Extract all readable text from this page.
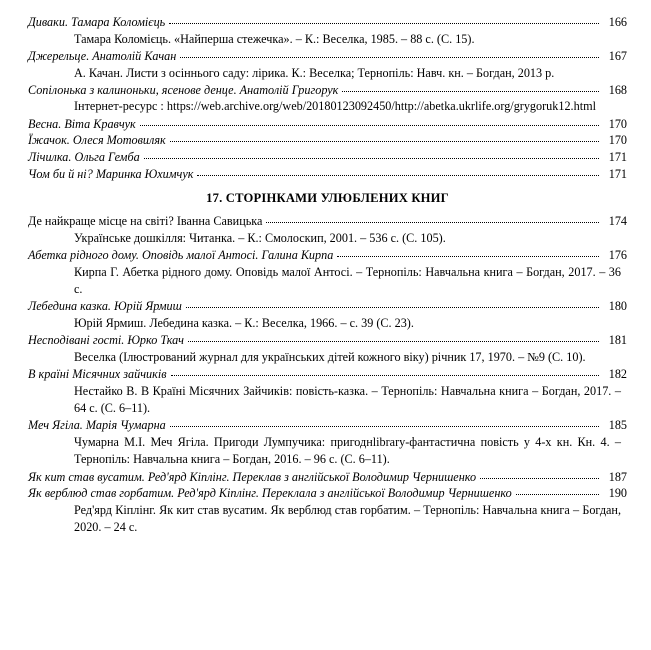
Диваки. Тамара Коломієць	166

Тамара Коломієць. «Найперша стежечка». – К.: Веселка, 1985. – 88 с. (С. 15).

Джерельце. Анатолій Качан	167

А. Качан. Листи з осіннього саду: лірика. К.: Веселка; Тернопіль: Навч. кн. – Богдан, 2013 р.

Сопілонька з калиноньки, ясенове денце. Анатолій Григорук	168

Інтернет-ресурс : https://web.archive.org/web/20180123092450/http://abetka.ukrlife.org/grygoruk12.html

Весна. Віта Кравчук	170
Їжачок. Олеся Мотовиляк	170
Лічилка. Ольга Гемба	171
Чом би й ні? Маринка Юхимчук	171
17. СТОРІНКАМИ УЛЮБЛЕНИХ КНИГ
Де найкраще місце на світі? Іванна Савицька	174

Українське дошкілля: Читанка. – К.: Смолоскип, 2001. – 536 с. (С. 105).

Абетка рідного дому. Оповідь малої Антосі. Галина Кирпа	176

Кирпа Г. Абетка рідного дому. Оповідь малої Антосі. – Тернопіль: Навчальна книга – Богдан, 2017. – 36 с.

Лебедина казка. Юрій Ярмиш	180

Юрій Ярмиш. Лебедина казка. – К.: Веселка, 1966. – с. 39 (С. 23).

Несподівані гості. Юрко Ткач	181

Веселка (Ілюстрований журнал для українських дітей кожного віку) річник 17, 1970. – №9 (С. 10).

В країні Місячних зайчиків	182

Нестайко В. В Країні Місячних Зайчиків: повість-казка. – Тернопіль: Навчальна книга – Богдан, 2017. – 64 с. (С. 6–11).

Меч Ягіла. Марія Чумарна	185

Чумарна М.І. Меч Ягіла. Пригоди Лумпучика: пригоднlibrary-фантастична повість у 4-х кн. Кн. 4. – Тернопіль: Навчальна книга – Богдан, 2016. – 96 с. (С. 6–11).

Як кит став вусатим. Ред'ярд Кіплінг. Переклав з англійської Володимир Чернишенко	187
Як верблюд став горбатим. Ред'ярд Кіплінг. Переклала з англійської Володимир Чернишенко	190

Ред'ярд Кіплінг. Як кит став вусатим. Як верблюд став горбатим. – Тернопіль: Навчальна книга – Богдан, 2020. – 24 с.
